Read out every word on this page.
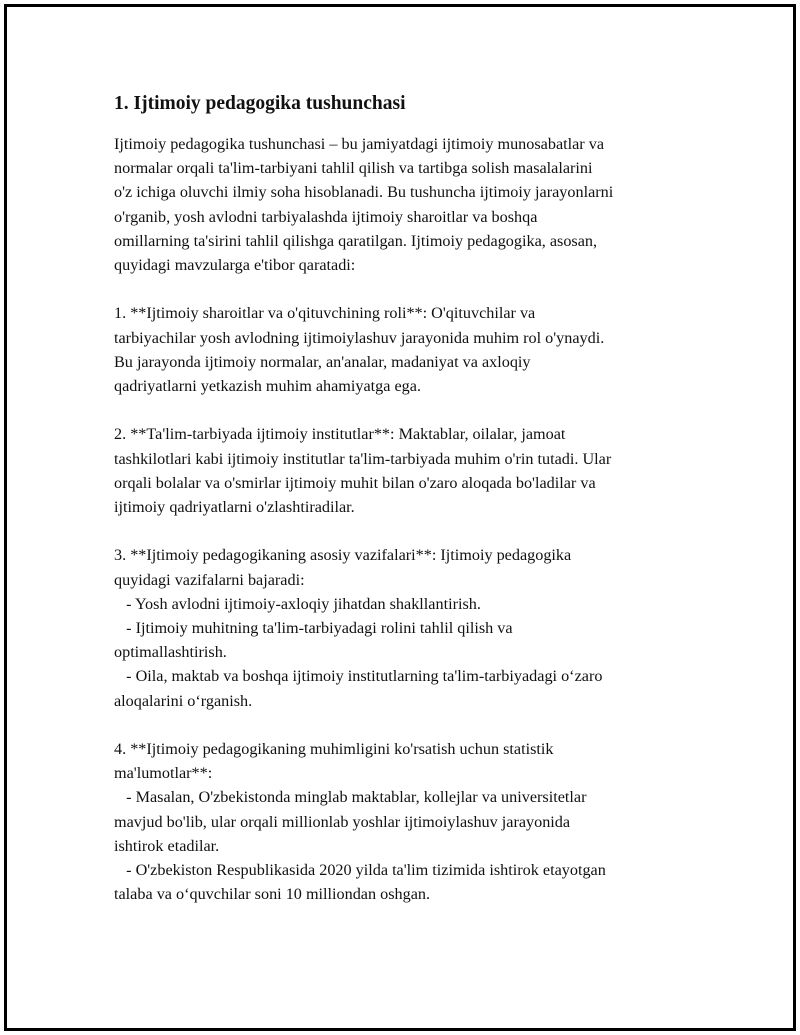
1. Ijtimoiy pedagogika tushunchasi

Ijtimoiy pedagogika tushunchasi – bu jamiyatdagi ijtimoiy munosabatlar va
normalar orqali ta'lim-tarbiyani tahlil qilish va tartibga solish masalalarini
o'z ichiga oluvchi ilmiy soha hisoblanadi. Bu tushuncha ijtimoiy jarayonlarni
o'rganib, yosh avlodni tarbiyalashda ijtimoiy sharoitlar va boshqa
omillarning ta'sirini tahlil qilishga qaratilgan. Ijtimoiy pedagogika, asosan,
quyidagi mavzularga e'tibor qaratadi:

1. **Ijtimoiy sharoitlar va o'qituvchining roli**: O'qituvchilar va
tarbiyachilar yosh avlodning ijtimoiylashuv jarayonida muhim rol o'ynaydi.
Bu jarayonda ijtimoiy normalar, an'analar, madaniyat va axloqiy
qadriyatlarni yetkazish muhim ahamiyatga ega.

2. **Ta'lim-tarbiyada ijtimoiy institutlar**: Maktablar, oilalar, jamoat
tashkilotlari kabi ijtimoiy institutlar ta'lim-tarbiyada muhim o'rin tutadi. Ular
orqali bolalar va o'smirlar ijtimoiy muhit bilan o'zaro aloqada bo'ladilar va
ijtimoiy qadriyatlarni o'zlashtiradilar.

3. **Ijtimoiy pedagogikaning asosiy vazifalari**: Ijtimoiy pedagogika
quyidagi vazifalarni bajaradi:
- Yosh avlodni ijtimoiy-axloqiy jihatdan shakllantirish.
- Ijtimoiy muhitning ta'lim-tarbiyadagi rolini tahlil qilish va
optimallashtirish.
- Oila, maktab va boshqa ijtimoiy institutlarning ta'lim-tarbiyadagi o‘zaro
aloqalarini o‘rganish.

4. **Ijtimoiy pedagogikaning muhimligini ko'rsatish uchun statistik
ma'lumotlar**:
- Masalan, O'zbekistonda minglab maktablar, kollejlar va universitetlar
mavjud bo'lib, ular orqali millionlab yoshlar ijtimoiylashuv jarayonida
ishtirok etadilar.
- O'zbekiston Respublikasida 2020 yilda ta'lim tizimida ishtirok etayotgan
talaba va o‘quvchilar soni 10 milliondan oshgan.
